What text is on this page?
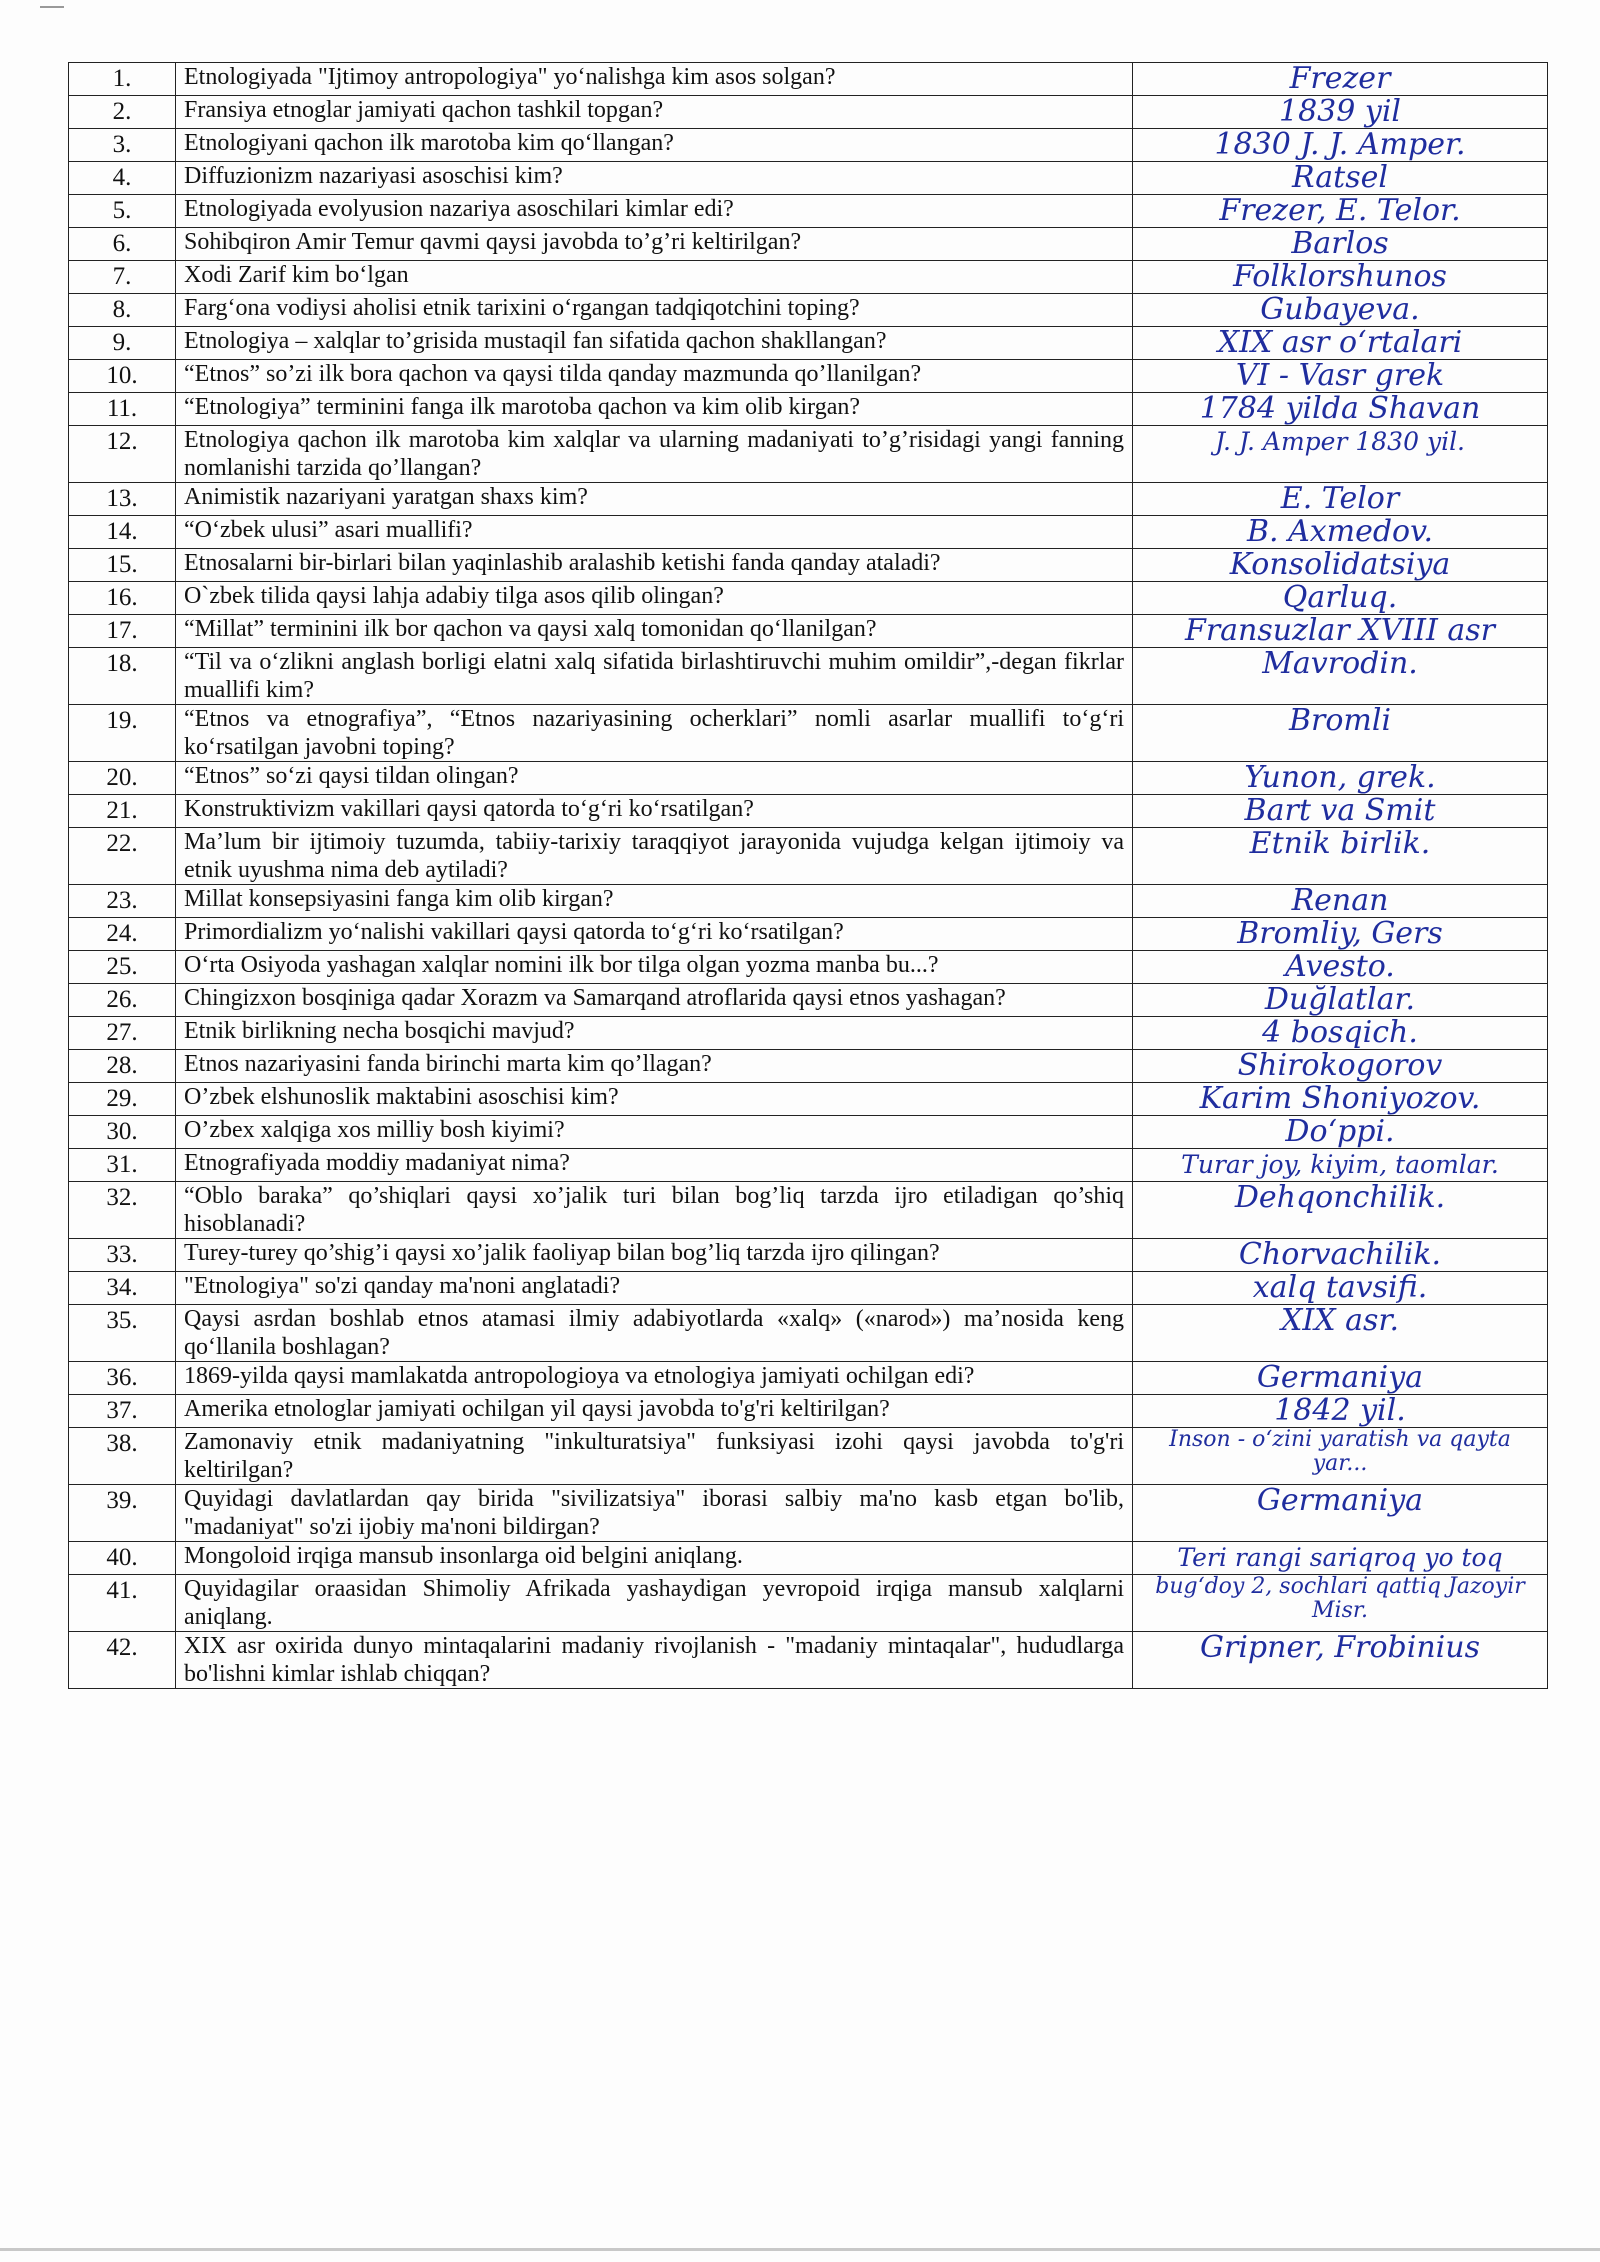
1.	Etnologiyada "Ijtimoy antropologiya" yo‘nalishga kim asos solgan?	Frezer
2.	Fransiya etnoglar jamiyati qachon tashkil topgan?	1839 yil
3.	Etnologiyani qachon ilk marotoba kim qo‘llangan?	1830 J. J. Amper.
4.	Diffuzionizm nazariyasi asoschisi kim?	Ratsel
5.	Etnologiyada evolyusion nazariya asoschilari kimlar edi?	Frezer, E. Telor.
6.	Sohibqiron Amir Temur qavmi qaysi javobda to’g’ri keltirilgan?	Barlos
7.	Xodi Zarif kim bo‘lgan	Folklorshunos
8.	Farg‘ona vodiysi aholisi etnik tarixini o‘rgangan tadqiqotchini toping?	Gubayeva.
9.	Etnologiya – xalqlar to’grisida mustaqil fan sifatida qachon shakllangan?	XIX asr o‘rtalari
10.	“Etnos” so’zi ilk bora qachon va qaysi tilda qanday mazmunda qo’llanilgan?	VI - Vasr grek
11.	“Etnologiya” terminini fanga ilk marotoba qachon va kim olib kirgan?	1784 yilda Shavan
12.	Etnologiya qachon ilk marotoba kim xalqlar va ularning madaniyati to’g’risidagi yangi fanning nomlanishi tarzida qo’llangan?	J. J. Amper 1830 yil.
13.	Animistik nazariyani yaratgan shaxs kim?	E. Telor
14.	“O‘zbek ulusi” asari muallifi?	B. Axmedov.
15.	Etnosalarni bir-birlari bilan yaqinlashib aralashib ketishi fanda qanday ataladi?	Konsolidatsiya
16.	O`zbek tilida qaysi lahja adabiy tilga asos qilib olingan?	Qarluq.
17.	“Millat” terminini ilk bor qachon va qaysi xalq tomonidan qo‘llanilgan?	Fransuzlar XVIII asr
18.	“Til va o‘zlikni anglash borligi elatni xalq sifatida birlashtiruvchi muhim omildir”,-degan fikrlar muallifi kim?	Mavrodin.
19.	“Etnos va etnografiya”, “Etnos nazariyasining ocherklari” nomli asarlar muallifi to‘g‘ri ko‘rsatilgan javobni toping?	Bromli
20.	“Etnos” so‘zi qaysi tildan olingan?	Yunon, grek.
21.	Konstruktivizm vakillari qaysi qatorda to‘g‘ri ko‘rsatilgan?	Bart va Smit
22.	Ma’lum bir ijtimoiy tuzumda, tabiiy-tarixiy taraqqiyot jarayonida vujudga kelgan ijtimoiy va etnik uyushma nima deb aytiladi?	Etnik birlik.
23.	Millat konsepsiyasini fanga kim olib kirgan?	Renan
24.	Primordializm yo‘nalishi vakillari qaysi qatorda to‘g‘ri ko‘rsatilgan?	Bromliy, Gers
25.	O‘rta Osiyoda yashagan xalqlar nomini ilk bor tilga olgan yozma manba bu...?	Avesto.
26.	Chingizxon bosqiniga qadar Xorazm va Samarqand atroflarida qaysi etnos yashagan?	Duğlatlar.
27.	Etnik birlikning necha bosqichi mavjud?	4 bosqich.
28.	Etnos nazariyasini fanda birinchi marta kim qo’llagan?	Shirokogorov
29.	O’zbek elshunoslik maktabini asoschisi kim?	Karim Shoniyozov.
30.	O’zbex xalqiga xos milliy bosh kiyimi?	Do‘ppi.
31.	Etnografiyada moddiy madaniyat nima?	Turar joy, kiyim, taomlar.
32.	“Oblo baraka” qo’shiqlari qaysi xo’jalik turi bilan bog’liq tarzda ijro etiladigan qo’shiq hisoblanadi?	Dehqonchilik.
33.	Turey-turey qo’shig’i qaysi xo’jalik faoliyap bilan bog’liq tarzda ijro qilingan?	Chorvachilik.
34.	"Etnologiya" so'zi qanday ma'noni anglatadi?	xalq tavsifi.
35.	Qaysi asrdan boshlab etnos atamasi ilmiy adabiyotlarda «xalq» («narod») ma’nosida keng qo‘llanila boshlagan?	XIX asr.
36.	1869-yilda qaysi mamlakatda antropologioya va etnologiya jamiyati ochilgan edi?	Germaniya
37.	Amerika etnologlar jamiyati ochilgan yil qaysi javobda to'g'ri keltirilgan?	1842 yil.
38.	Zamonaviy etnik madaniyatning "inkulturatsiya" funksiyasi izohi qaysi javobda to'g'ri keltirilgan?	Inson - o‘zini yaratish va qayta yar...
39.	Quyidagi davlatlardan qay birida "sivilizatsiya" iborasi salbiy ma'no kasb etgan bo'lib, "madaniyat" so'zi ijobiy ma'noni bildirgan?	Germaniya
40.	Mongoloid irqiga mansub insonlarga oid belgini aniqlang.	Teri rangi sariqroq yo toq
41.	Quyidagilar oraasidan Shimoliy Afrikada yashaydigan yevropoid irqiga mansub xalqlarni aniqlang.	bug‘doy 2, sochlari qattiq Jazoyir Misr.
42.	XIX asr oxirida dunyo mintaqalarini madaniy rivojlanish - "madaniy mintaqalar", hududlarga bo'lishni kimlar ishlab chiqqan?	Gripner, Frobinius
